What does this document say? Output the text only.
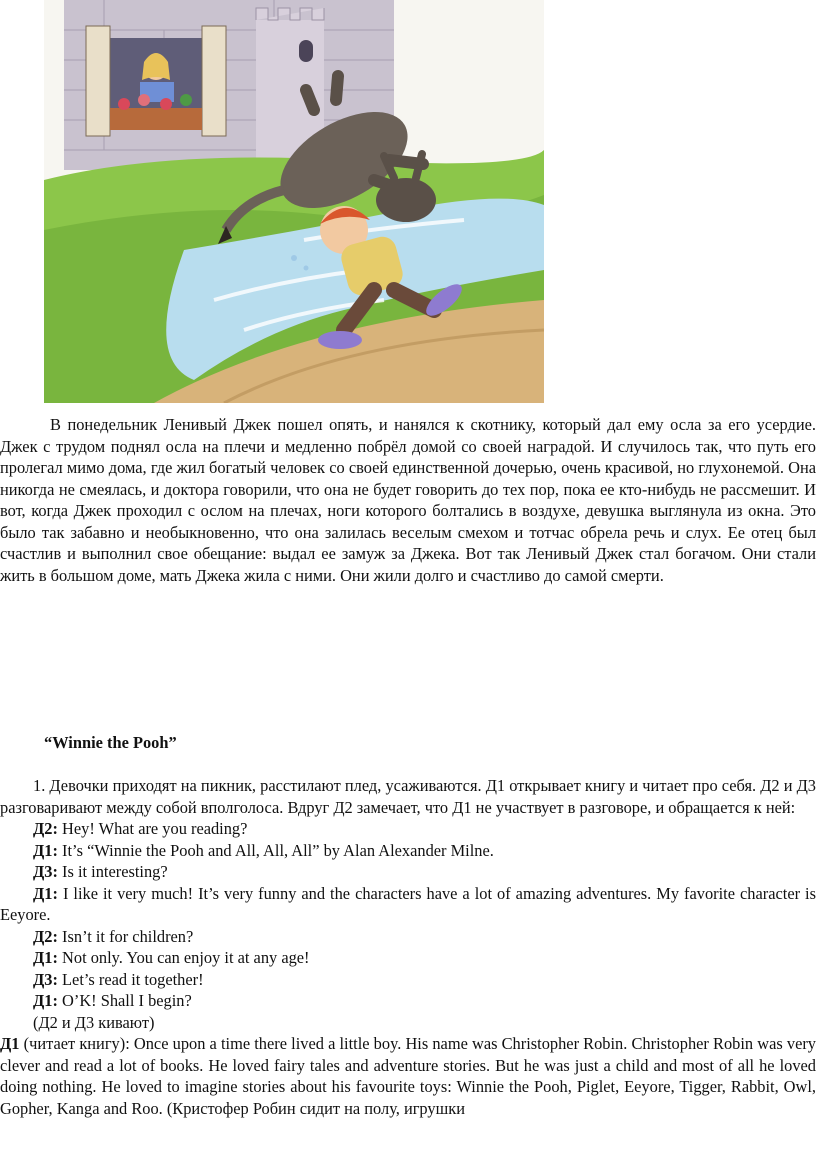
В понедельник Ленивый Джек пошел опять, и нанялся к скотнику, который дал ему осла за его усердие. Джек с трудом поднял осла на плечи и медленно побрёл домой со своей наградой. И случилось так, что путь его пролегал мимо дома, где жил богатый человек со своей единственной дочерью, очень красивой, но глухонемой. Она никогда не смеялась, и доктора говорили, что она не будет говорить до тех пор, пока ее кто-нибудь не рассмешит. И вот, когда Джек проходил с ослом на плечах, ноги которого болтались в воздухе, девушка выглянула из окна. Это было так забавно и необыкновенно, что она залилась веселым смехом и тотчас обрела речь и слух. Ее отец был счастлив и выполнил свое обещание: выдал ее замуж за Джека. Вот так Ленивый Джек стал богачом. Они стали жить в большом доме, мать Джека жила с ними. Они жили долго и счастливо до самой смерти.

“Winnie the Pooh”

1. Девочки приходят на пикник, расстилают плед, усаживаются. Д1 открывает книгу и читает про себя. Д2 и Д3 разговаривают между собой вполголоса. Вдруг Д2 замечает, что Д1 не участвует в разговоре, и обращается к ней:

Д2: Hey! What are you reading?

Д1: It’s “Winnie the Pooh and All, All, All” by Alan Alexander Milne.

Д3: Is it interesting?

Д1: I like it very much! It’s very funny and the characters have a lot of amazing adventures. My favorite character is Eeyore.

Д2: Isn’t it for children?

Д1: Not only. You can enjoy it at any age!

Д3: Let’s read it together!

Д1: O’K! Shall I begin?

(Д2 и Д3 кивают)

Д1 (читает книгу): Once upon a time there lived a little boy. His name was Christopher Robin. Christopher Robin was very clever and read a lot of books. He loved fairy tales and adventure stories. But he was just a child and most of all he loved doing nothing. He loved to imagine stories about his favourite toys: Winnie the Pooh, Piglet, Eeyore, Tigger, Rabbit, Owl, Gopher, Kanga and Roo. (Кристофер Робин сидит на полу, игрушки
